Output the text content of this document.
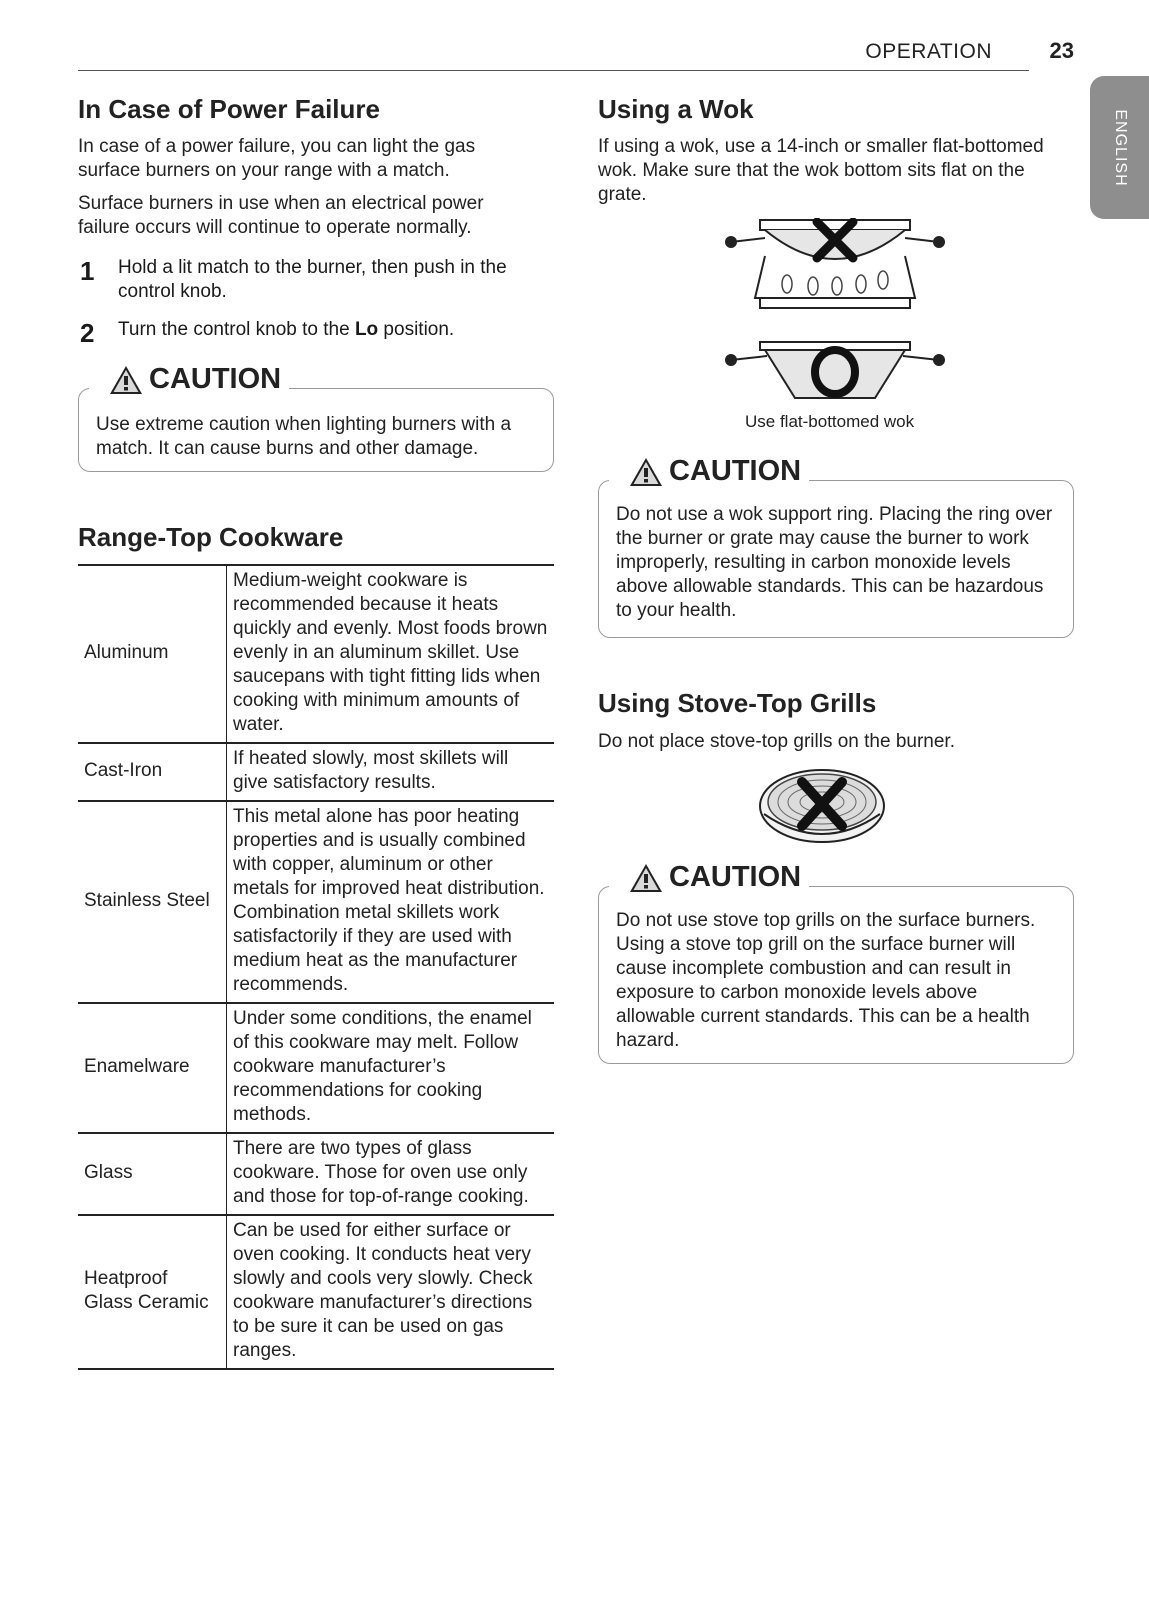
OPERATION	23
ENGLISH
In Case of Power Failure

In case of a power failure, you can light the gas surface burners on your range with a match.

Surface burners in use when an electrical power failure occurs will continue to operate normally.

1 Hold a lit match to the burner, then push in the control knob.
2 Turn the control knob to the Lo position.
CAUTION
Use extreme caution when lighting burners with a match. It can cause burns and other damage.
Range-Top Cookware
Aluminum	Medium-weight cookware is recommended because it heats quickly and evenly. Most foods brown evenly in an aluminum skillet. Use saucepans with tight fitting lids when cooking with minimum amounts of water.
Cast-Iron	If heated slowly, most skillets will give satisfactory results.
Stainless Steel	This metal alone has poor heating properties and is usually combined with copper, aluminum or other metals for improved heat distribution. Combination metal skillets work satisfactorily if they are used with medium heat as the manufacturer recommends.
Enamelware	Under some conditions, the enamel of this cookware may melt. Follow cookware manufacturer’s recommendations for cooking methods.
Glass	There are two types of glass cookware. Those for oven use only and those for top-of-range cooking.
Heatproof Glass Ceramic	Can be used for either surface or oven cooking. It conducts heat very slowly and cools very slowly. Check cookware manufacturer’s directions to be sure it can be used on gas ranges.
Using a Wok

If using a wok, use a 14-inch or smaller flat-bottomed wok. Make sure that the wok bottom sits flat on the grate.

Use flat-bottomed wok
CAUTION
Do not use a wok support ring. Placing the ring over the burner or grate may cause the burner to work improperly, resulting in carbon monoxide levels above allowable standards. This can be hazardous to your health.
Using Stove-Top Grills

Do not place stove-top grills on the burner.

CAUTION
Do not use stove top grills on the surface burners. Using a stove top grill on the surface burner will cause incomplete combustion and can result in exposure to carbon monoxide levels above allowable current standards. This can be a health hazard.
